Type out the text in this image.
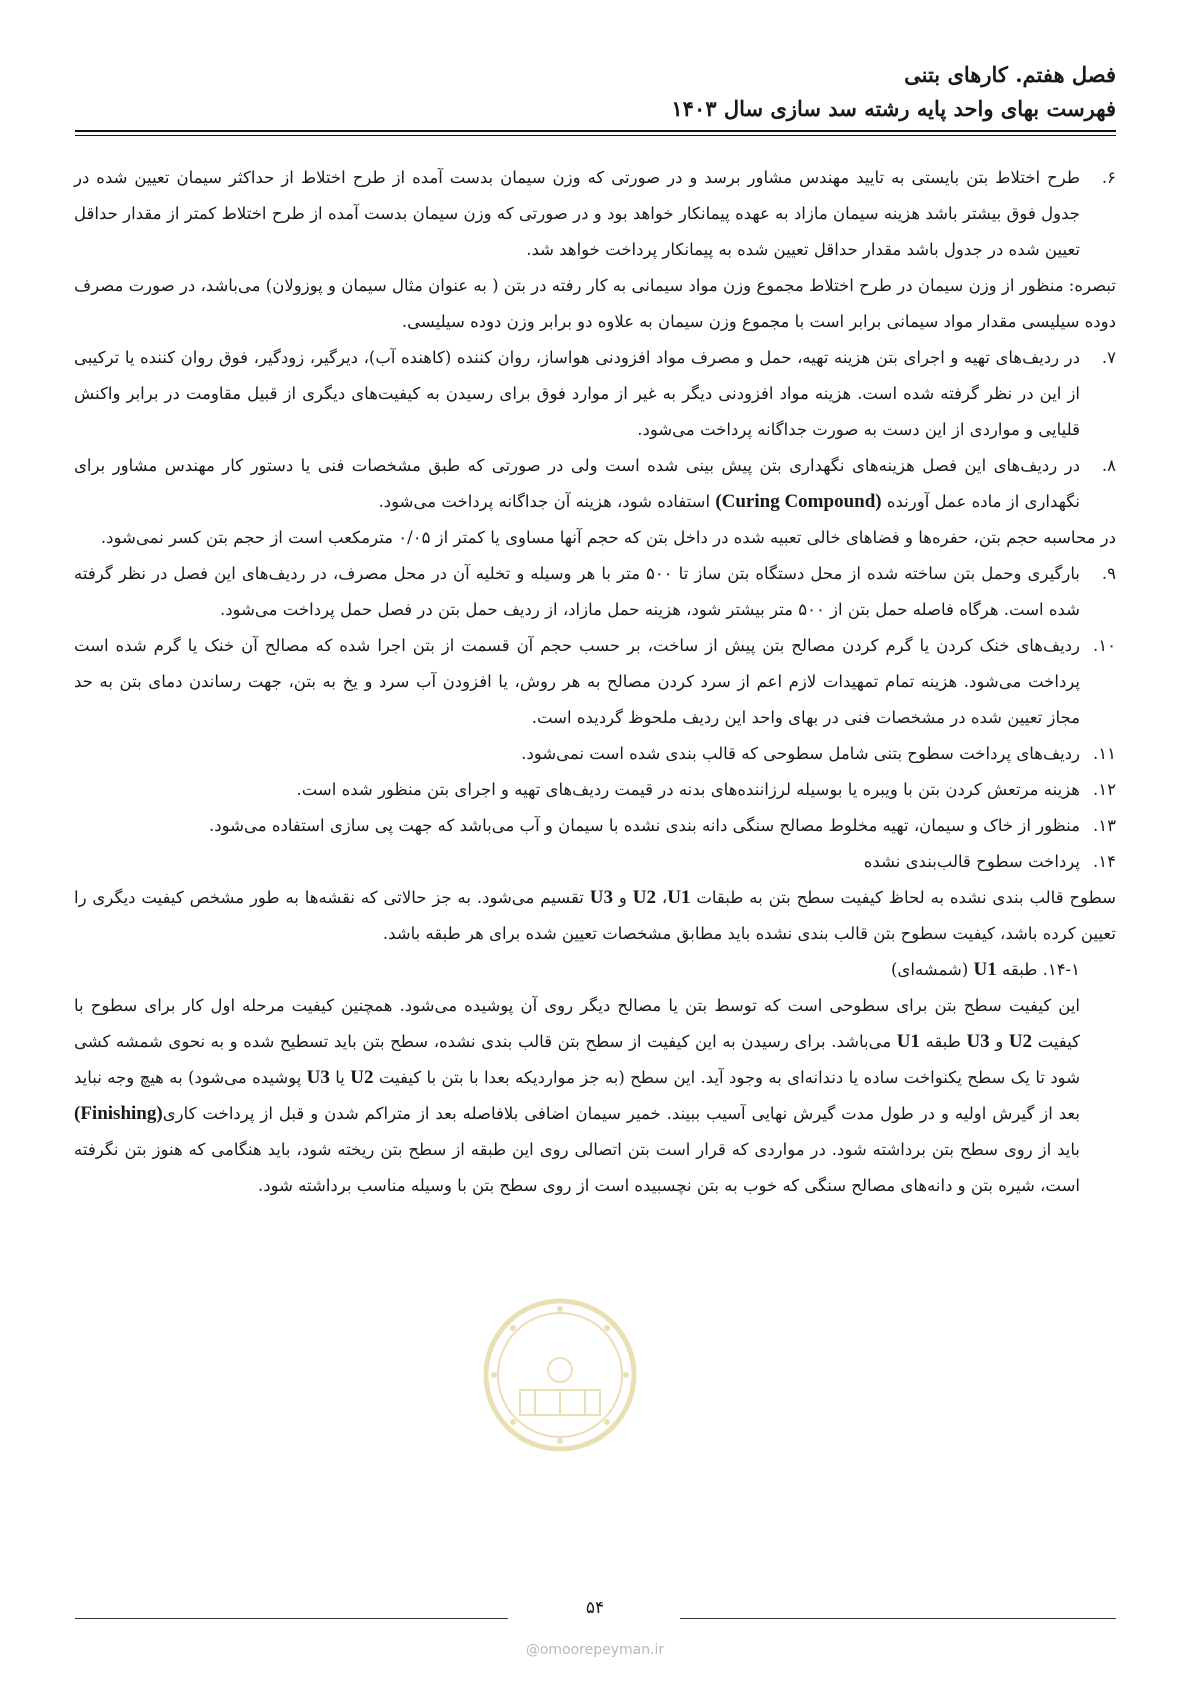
فصل هفتم. کارهای بتنی
فهرست بهای واحد پایه رشته سد سازی سال ۱۴۰۳
۶.
طرح اختلاط بتن بایستی به تایید مهندس مشاور برسد و در صورتی که وزن سیمان بدست آمده از طرح اختلاط از حداکثر سیمان تعیین شده در جدول فوق بیشتر باشد هزینه سیمان مازاد به عهده پیمانکار خواهد بود و در صورتی که وزن سیمان بدست آمده از طرح اختلاط کمتر از مقدار حداقل تعیین شده در جدول باشد مقدار حداقل تعیین شده به پیمانکار پرداخت خواهد شد.

تبصره: منظور از وزن سیمان در طرح اختلاط مجموع وزن مواد سیمانی به کار رفته در بتن ( به عنوان مثال سیمان و پوزولان) می‌باشد، در صورت مصرف دوده سیلیسی مقدار مواد سیمانی برابر است با مجموع وزن سیمان به علاوه دو برابر وزن دوده سیلیسی.

۷.
در ردیف‌های تهیه و اجرای بتن هزینه تهیه، حمل و مصرف مواد افزودنی هواساز، روان کننده (کاهنده آب)، دیرگیر، زودگیر، فوق روان کننده یا ترکیبی از این در نظر گرفته شده است. هزینه مواد افزودنی دیگر به غیر از موارد فوق برای رسیدن به کیفیت‌های دیگری از قبیل مقاومت در برابر واکنش قلیایی و مواردی از این دست به صورت جداگانه پرداخت می‌شود.
۸.
در ردیف‌های این فصل هزینه‌های نگهداری بتن پیش بینی شده است ولی در صورتی که طبق مشخصات فنی یا دستور کار مهندس مشاور برای نگهداری از ماده عمل آورنده (Curing Compound) استفاده شود، هزینه آن جداگانه پرداخت می‌شود.

در محاسبه حجم بتن، حفره‌ها و فضاهای خالی تعبیه شده در داخل بتن که حجم آنها مساوی یا کمتر از ۰/۰۵ مترمکعب است از حجم بتن کسر نمی‌شود.

۹.
بارگیری وحمل بتن ساخته شده از محل دستگاه بتن ساز تا ۵۰۰ متر با هر وسیله و تخلیه آن در محل مصرف، در ردیف‌های این فصل در نظر گرفته شده است. هرگاه فاصله حمل بتن از ۵۰۰ متر بیشتر شود، هزینه حمل مازاد، از ردیف حمل بتن در فصل حمل پرداخت می‌شود.
۱۰.
ردیف‌های خنک کردن یا گرم کردن مصالح بتن پیش از ساخت، بر حسب حجم آن قسمت از بتن اجرا شده که مصالح آن خنک یا گرم شده است پرداخت می‌شود. هزینه تمام تمهیدات لازم اعم از سرد کردن مصالح به هر روش، یا افزودن آب سرد و یخ به بتن، جهت رساندن دمای بتن به حد مجاز تعیین شده در مشخصات فنی در بهای واحد این ردیف ملحوظ گردیده است.
۱۱.
ردیف‌های پرداخت سطوح بتنی شامل سطوحی که قالب بندی شده است نمی‌شود.
۱۲.
هزینه مرتعش کردن بتن با ویبره یا بوسیله لرزاننده‌های بدنه در قیمت ردیف‌های تهیه و اجرای بتن منظور شده است.
۱۳.
منظور از خاک و سیمان، تهیه مخلوط مصالح سنگی دانه بندی نشده با سیمان و آب می‌باشد که جهت پی سازی استفاده می‌شود.
۱۴.
پرداخت سطوح قالب‌بندی نشده

سطوح قالب بندی نشده به لحاظ کیفیت سطح بتن به طبقات U1، U2 و U3 تقسیم می‌شود. به جز حالاتی که نقشه‌ها به طور مشخص کیفیت دیگری را تعیین کرده باشد، کیفیت سطوح بتن قالب بندی نشده باید مطابق مشخصات تعیین شده برای هر طبقه باشد.

۱۴-۱. طبقه U1 (شمشه‌ای)

این کیفیت سطح بتن برای سطوحی است که توسط بتن یا مصالح دیگر روی آن پوشیده می‌شود. همچنین کیفیت مرحله اول کار برای سطوح با کیفیت U2 و U3 طبقه U1 می‌باشد. برای رسیدن به این کیفیت از سطح بتن قالب بندی نشده، سطح بتن باید تسطیح شده و به نحوی شمشه کشی شود تا یک سطح یکنواخت ساده یا دندانه‌ای به وجود آید. این سطح (به جز مواردیکه بعدا با بتن با کیفیت U2 یا U3 پوشیده می‌شود) به هیچ وجه نباید بعد از گیرش اولیه و در طول مدت گیرش نهایی آسیب ببیند. خمیر سیمان اضافی بلافاصله بعد از متراکم شدن و قبل از پرداخت کاری(Finishing) باید از روی سطح بتن برداشته شود. در مواردی که قرار است بتن اتصالی روی این طبقه از سطح بتن ریخته شود، باید هنگامی که هنوز بتن نگرفته است، شیره بتن و دانه‌های مصالح سنگی که خوب به بتن نچسبیده است از روی سطح بتن با وسیله مناسب برداشته شود.

۵۴
@omoorepeyman.ir
